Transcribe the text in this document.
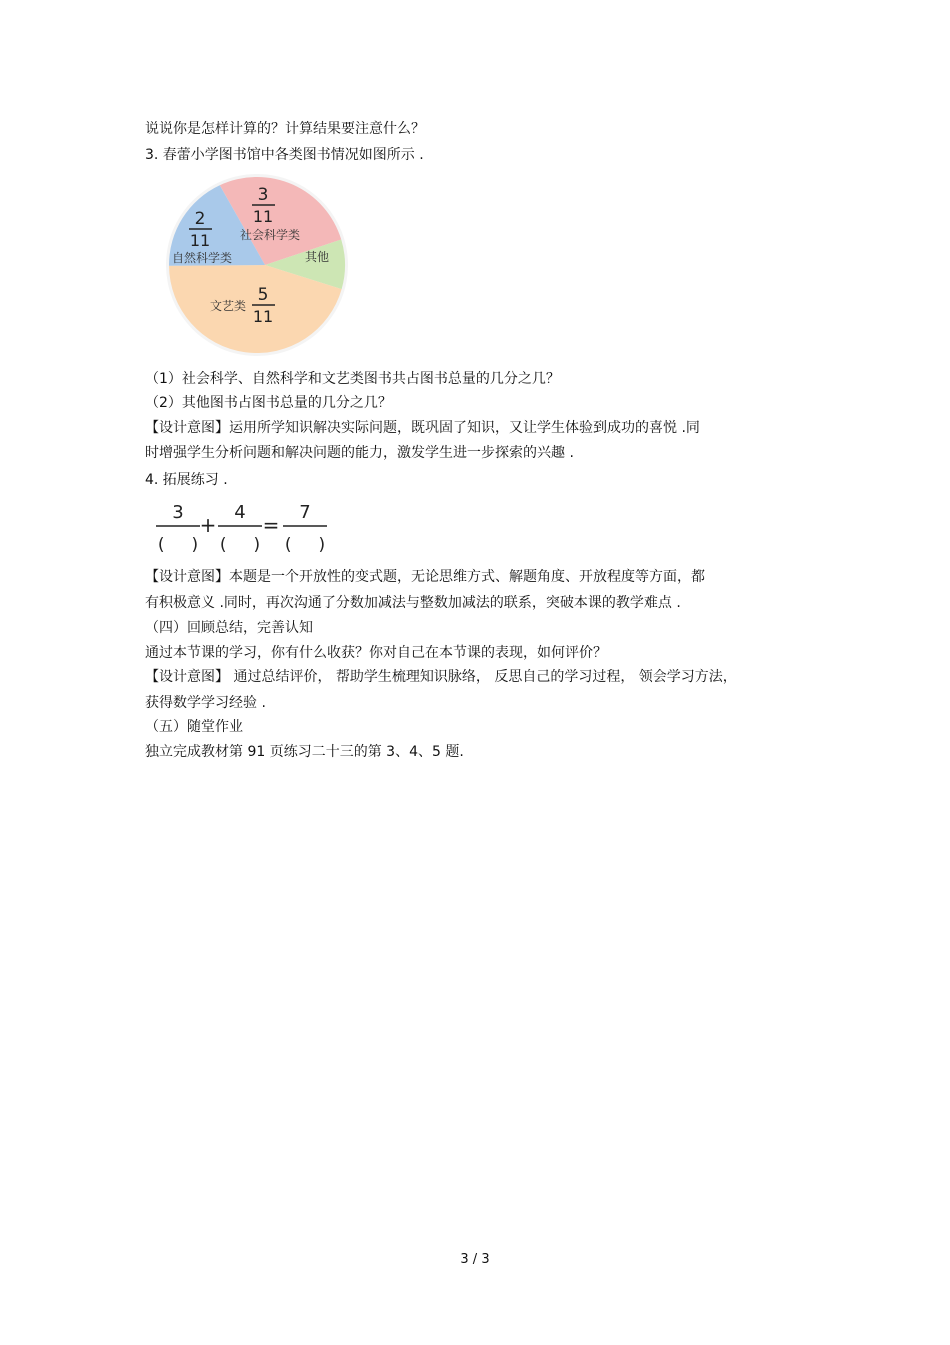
说说你是怎样计算的？计算结果要注意什么？
3. 春蕾小学图书馆中各类图书情况如图所示 .
3
11
社会科学类
其他
文艺类
5
11
2
11
自然科学类
（1）社会科学、自然科学和文艺类图书共占图书总量的几分之几？
（2）其他图书占图书总量的几分之几？
【设计意图】运用所学知识解决实际问题，既巩固了知识，又让学生体验到成功的喜悦 .同
时增强学生分析问题和解决问题的能力，激发学生进一步探索的兴趣 .
4. 拓展练习 .
3
(     )
+
4
(     )
=
7
(     )
【设计意图】本题是一个开放性的变式题，无论思维方式、解题角度、开放程度等方面，都
有积极意义 .同时，再次沟通了分数加减法与整数加减法的联系，突破本课的教学难点 .
（四）回顾总结，完善认知
通过本节课的学习，你有什么收获？你对自己在本节课的表现，如何评价？
【设计意图】 通过总结评价， 帮助学生梳理知识脉络， 反思自己的学习过程， 领会学习方法，
获得数学学习经验 .
（五）随堂作业
独立完成教材第 91 页练习二十三的第 3、4、5 题.
3 / 3
